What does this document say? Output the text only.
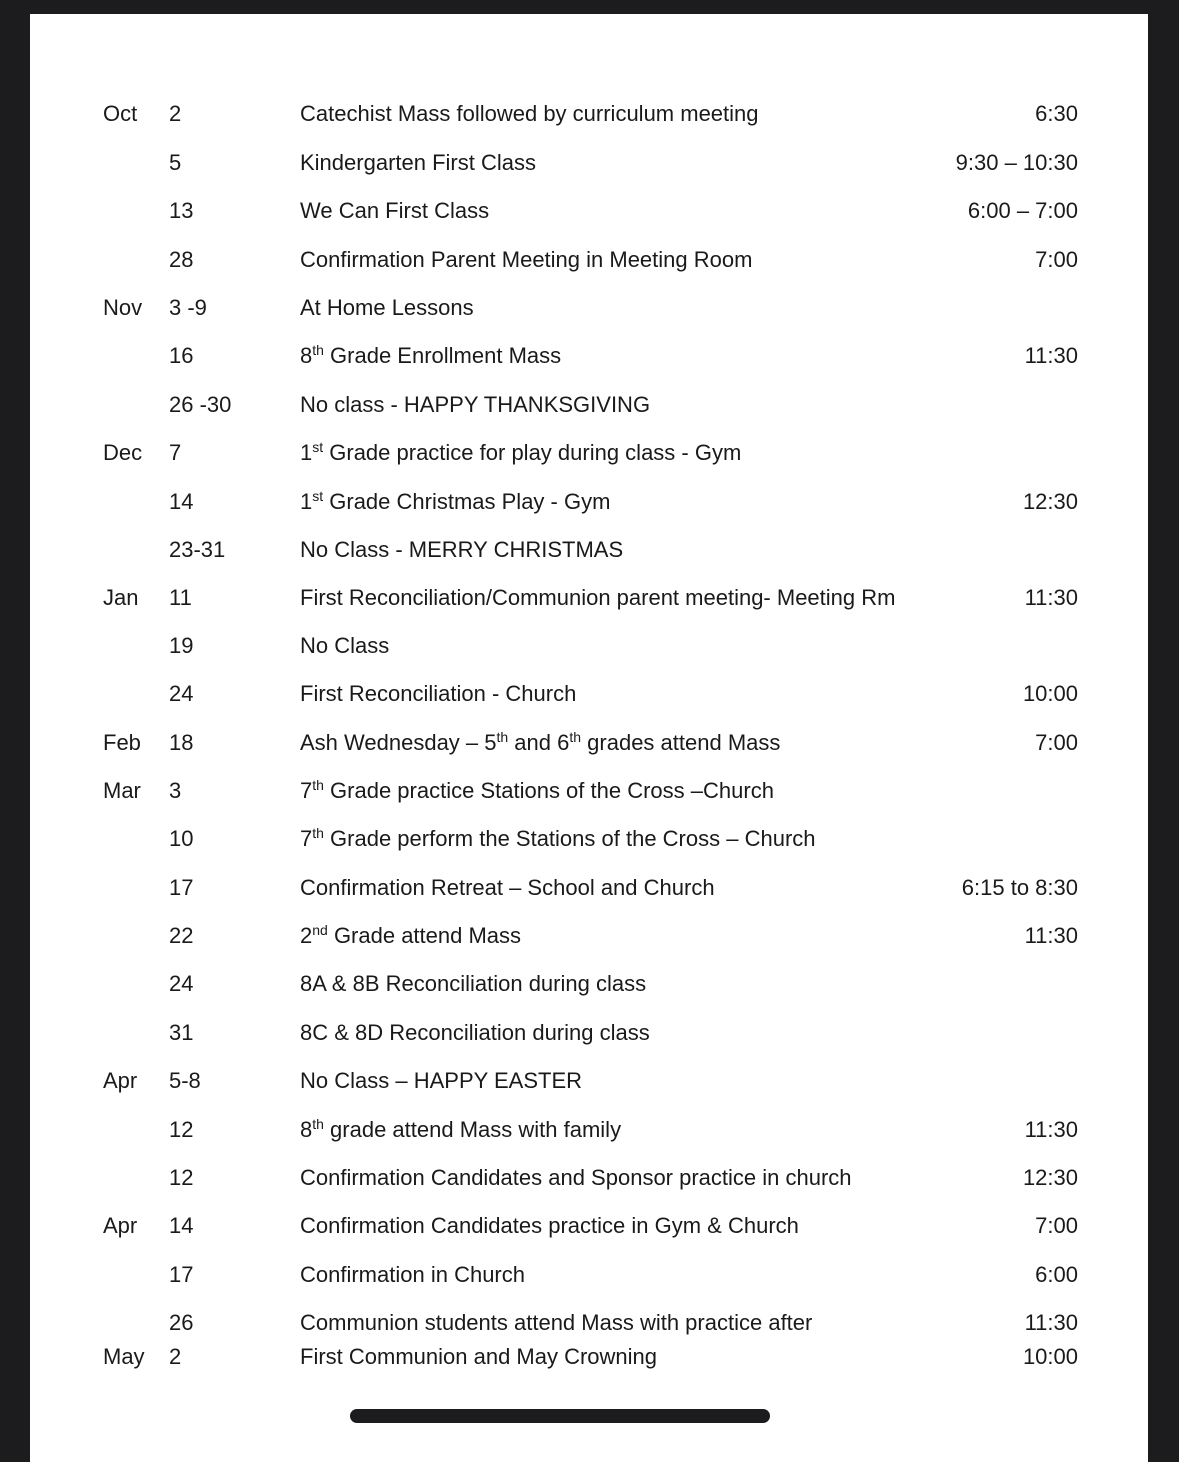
Oct 2	Catechist Mass followed by curriculum meeting	6:30
5	Kindergarten First Class	9:30 – 10:30
13	We Can First Class	6:00 – 7:00
28	Confirmation Parent Meeting in Meeting Room	7:00
Nov 3 -9	At Home Lessons
16	8th Grade Enrollment Mass	11:30
26 -30	No class - HAPPY THANKSGIVING
Dec 7	1st Grade practice for play during class - Gym
14	1st Grade Christmas Play - Gym	12:30
23-31	No Class - MERRY CHRISTMAS
Jan 11	First Reconciliation/Communion parent meeting- Meeting Rm	11:30
19	No Class
24	First Reconciliation - Church	10:00
Feb 18	Ash Wednesday – 5th and 6th grades attend Mass	7:00
Mar 3	7th Grade practice Stations of the Cross –Church
10	7th Grade perform the Stations of the Cross – Church
17	Confirmation Retreat – School and Church	6:15 to 8:30
22	2nd Grade attend Mass	11:30
24	8A & 8B Reconciliation during class
31	8C & 8D Reconciliation during class
Apr 5-8	No Class – HAPPY EASTER
12	8th grade attend Mass with family	11:30
12	Confirmation Candidates and Sponsor practice in church	12:30
Apr 14	Confirmation Candidates practice in Gym & Church	7:00
17	Confirmation in Church	6:00
26	Communion students attend Mass with practice after	11:30
May 2	First Communion and May Crowning	10:00
